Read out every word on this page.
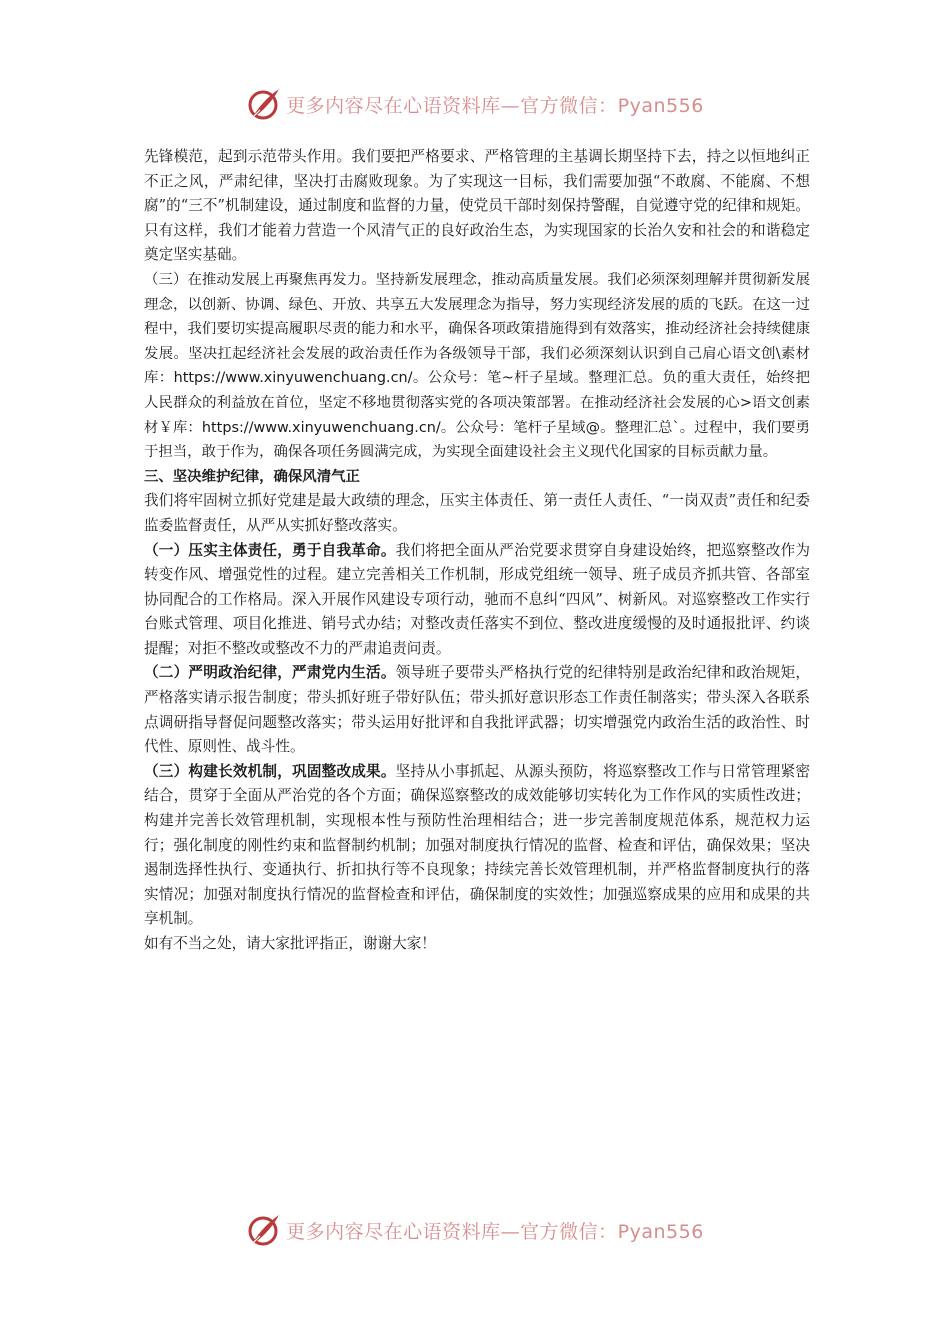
更多内容尽在心语资料库—官方微信：Pyan556

先锋模范，起到示范带头作用。我们要把严格要求、严格管理的主基调长期坚持下去，持之以恒地纠正不正之风，严肃纪律，坚决打击腐败现象。为了实现这一目标，我们需要加强“不敢腐、不能腐、不想腐”的“三不”机制建设，通过制度和监督的力量，使党员干部时刻保持警醒，自觉遵守党的纪律和规矩。只有这样，我们才能着力营造一个风清气正的良好政治生态，为实现国家的长治久安和社会的和谐稳定奠定坚实基础。

（三）在推动发展上再聚焦再发力。坚持新发展理念，推动高质量发展。我们必须深刻理解并贯彻新发展理念，以创新、协调、绿色、开放、共享五大发展理念为指导，努力实现经济发展的质的飞跃。在这一过程中，我们要切实提高履职尽责的能力和水平，确保各项政策措施得到有效落实，推动经济社会持续健康发展。坚决扛起经济社会发展的政治责任作为各级领导干部，我们必须深刻认识到自己肩心语文创\素材库：https://www.xinyuwenchuang.cn/。公众号：笔~杆子星域。整理汇总。负的重大责任，始终把人民群众的利益放在首位，坚定不移地贯彻落实党的各项决策部署。在推动经济社会发展的心>语文创素材￥库：https://www.xinyuwenchuang.cn/。公众号：笔杆子星域@。整理汇总`。过程中，我们要勇于担当，敢于作为，确保各项任务圆满完成，为实现全面建设社会主义现代化国家的目标贡献力量。

三、坚决维护纪律，确保风清气正

我们将牢固树立抓好党建是最大政绩的理念，压实主体责任、第一责任人责任、“一岗双责”责任和纪委监委监督责任，从严从实抓好整改落实。

（一）压实主体责任，勇于自我革命。我们将把全面从严治党要求贯穿自身建设始终，把巡察整改作为转变作风、增强党性的过程。建立完善相关工作机制，形成党组统一领导、班子成员齐抓共管、各部室协同配合的工作格局。深入开展作风建设专项行动，驰而不息纠“四风”、树新风。对巡察整改工作实行台账式管理、项目化推进、销号式办结；对整改责任落实不到位、整改进度缓慢的及时通报批评、约谈提醒；对拒不整改或整改不力的严肃追责问责。

（二）严明政治纪律，严肃党内生活。领导班子要带头严格执行党的纪律特别是政治纪律和政治规矩，严格落实请示报告制度；带头抓好班子带好队伍；带头抓好意识形态工作责任制落实；带头深入各联系点调研指导督促问题整改落实；带头运用好批评和自我批评武器；切实增强党内政治生活的政治性、时代性、原则性、战斗性。

（三）构建长效机制，巩固整改成果。坚持从小事抓起、从源头预防，将巡察整改工作与日常管理紧密结合，贯穿于全面从严治党的各个方面；确保巡察整改的成效能够切实转化为工作作风的实质性改进；构建并完善长效管理机制，实现根本性与预防性治理相结合；进一步完善制度规范体系，规范权力运行；强化制度的刚性约束和监督制约机制；加强对制度执行情况的监督、检查和评估，确保效果；坚决遏制选择性执行、变通执行、折扣执行等不良现象；持续完善长效管理机制，并严格监督制度执行的落实情况；加强对制度执行情况的监督检查和评估，确保制度的实效性；加强巡察成果的应用和成果的共享机制。

如有不当之处，请大家批评指正，谢谢大家！

更多内容尽在心语资料库—官方微信：Pyan556
